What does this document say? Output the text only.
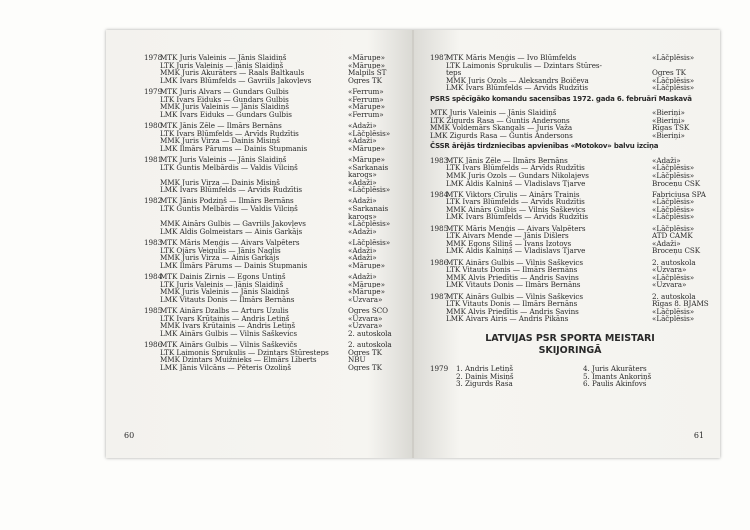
1978
MTK Juris Valeinis — Jānis Slaidiņš	«Mārupe»
LTK Juris Valeinis — Jānis Slaidiņš	«Mārupe»
MMK Juris Akurāters — Raals Baltkauls	Malpils ST
LMK Ivars Blūmfelds — Gavriils Jakovļevs	Ogres TK
1979
MTK Juris Alvars — Gundars Gulbis	«Ferrum»
LTK Ivars Eiduks — Gundars Gulbis	«Ferrum»
MMK Juris Valeinis — Jānis Slaidiņš	«Mārupe»
LMK Ivars Eiduks — Gundars Gulbis	«Ferrum»
1980
MTK Jānis Zēle — Ilmārs Bernāns	«Adaži»
LTK Ivars Blūmfelds — Arvīds Rudzītis	«Lāčplēsis»
MMK Juris Virza — Dainis Misiņš	«Adaži»
LMK Ilmārs Pārums — Dainis Stupmanis	«Mārupe»
1981
MTK Juris Valeinis — Jānis Slaidiņš	«Mārupe»
LTK Guntis Melbārdis — Valdis Vilciņš	«Sarkanais
karogs»
MMK Juris Virza — Dainis Misiņš	«Adaži»
LMK Ivars Blūmfelds — Arvīds Rudzītis	«Lāčplēsis»
1982
MTK Jānis Podziņš — Ilmārs Bernāns	«Adaži»
LTK Guntis Melbārdis — Valdis Vilciņš	«Sarkanais
karogs»
MMK Ainārs Gulbis — Gavriils Jakovļevs	«Lāčplēsis»
LMK Aldis Golmeistars — Ainis Garkājs	«Adaži»
1983
MTK Māris Meņģis — Aivars Valpēters	«Lāčplēsis»
LTK Ojārs Veigulis — Jānis Naglis	«Adaži»
MMK Juris Virza — Ainis Garkājs	«Adaži»
LMK Ilmārs Pārums — Dainis Stupmanis	«Mārupe»
1984
MTK Dainis Zirnis — Egons Untiņš	«Adaži»
LTK Juris Valeinis — Jānis Slaidiņš	«Mārupe»
MMK Juris Valeinis — Jānis Slaidiņš	«Mārupe»
LMK Vitauts Donis — Ilmārs Bernāns	«Uzvara»
1985
MTK Ainārs Dzalbs — Arturs Uzulis	Ogres SCO
LTK Ivars Krūtainis — Andris Letiņš	«Uzvara»
MMK Ivars Krūtainis — Andris Letiņš	«Uzvara»
LMK Ainārs Gulbis — Vilnis Saškevics	2. autoskola
1986
MTK Ainārs Gulbis — Vilnis Saškevičs	2. autoskola
LTK Laimonis Sprukulis — Dzintars Stūresteps	Ogres TK
MMK Dzintars Muižnieks — Elmārs Līberts	NBU
LMK Jānis Vilcāns — Pēteris Ozoliņš	Ogres TK
60
1987
MTK Māris Meņģis — Ivo Blūmfelds	«Lāčplēsis»
LTK Laimonis Sprukulis — Dzintars Stūres-
teps	Ogres TK
MMK Juris Ozols — Aleksandrs Boičeva	«Lāčplēsis»
LMK Ivars Blūmfelds — Arvīds Rudzītis	«Lāčplēsis»
PSRS spēcīgāko komandu sacensības 1972. gada 6. februārī Maskavā
MTK Juris Valeinis — Jānis Slaidiņš	«Bieriņi»
LTK Zigurds Rasa — Guntis Andersons	«Bieriņi»
MMK Voldemārs Skangals — Juris Važa	Rīgas TSK
LMK Zigurds Rasa — Guntis Andersons	«Bieriņi»
ČSSR ārējās tirdzniecības apvienības «Motokov» balvu izcīņa
1983
MTK Jānis Zēle — Ilmārs Bernāns	«Adaži»
LTK Ivars Blūmfelds — Arvīds Rudzītis	«Lāčplēsis»
MMK Juris Ozols — Gundars Nikolajevs	«Lāčplēsis»
LMK Aldis Kalniņš — Vladislavs Tjarve	Broceņu CSK
1984
MTK Viktors Cīrulis — Ainārs Trainis	Fabriciusa SPA
LTK Ivars Blūmfelds — Arvīds Rudzītis	«Lāčplēsis»
MMK Ainārs Gulbis — Vilnis Saškevics	«Lāčplēsis»
LMK Ivars Blūmfelds — Arvīds Rudzītis	«Lāčplēsis»
1985
MTK Māris Meņģis — Aivars Valpēters	«Lāčplēsis»
LTK Aivars Mende — Jānis Dišlers	ATD ČAMK
MMK Egons Siliņš — Ivans Izotovs	«Adaži»
LMK Aldis Kalniņš — Vladislavs Tjarve	Broceņu CSK
1986
MTK Ainārs Gulbis — Vilnis Saškevics	2. autoskola
LTK Vitauts Donis — Ilmārs Bernāns	«Uzvara»
MMK Alvis Priedītis — Andris Savins	«Lāčplēsis»
LMK Vitauts Donis — Ilmārs Bernāns	«Uzvara»
1987
MTK Ainārs Gulbis — Vilnis Saškevics	2. autoskola
LTK Vitauts Donis — Ilmārs Bernāns	Rīgas 8. BJAMS
MMK Alvis Priedītis — Andris Savins	«Lāčplēsis»
LMK Aivars Airis — Andris Pikāns	«Lāčplēsis»
LATVIJAS PSR SPORTA MEISTARI
SKIJORINGĀ
1979	1. Andris Letiņš
2. Dainis Misiņš
3. Zigurds Rasa
4. Juris Akurāters
5. Imants Ankoriņš
6. Paulis Akinfovs
61
